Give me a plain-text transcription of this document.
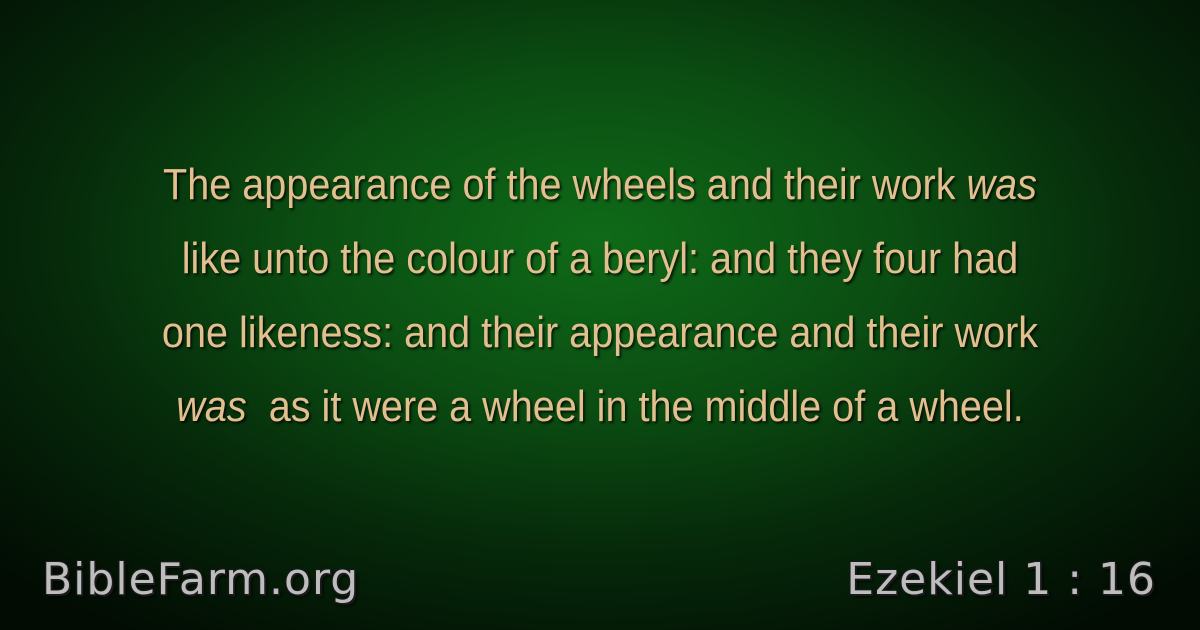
The appearance of the wheels and their work was
like unto the colour of a beryl: and they four had
one likeness: and their appearance and their work
was  as it were a wheel in the middle of a wheel.

BibleFarm.org	Ezekiel 1 : 16
